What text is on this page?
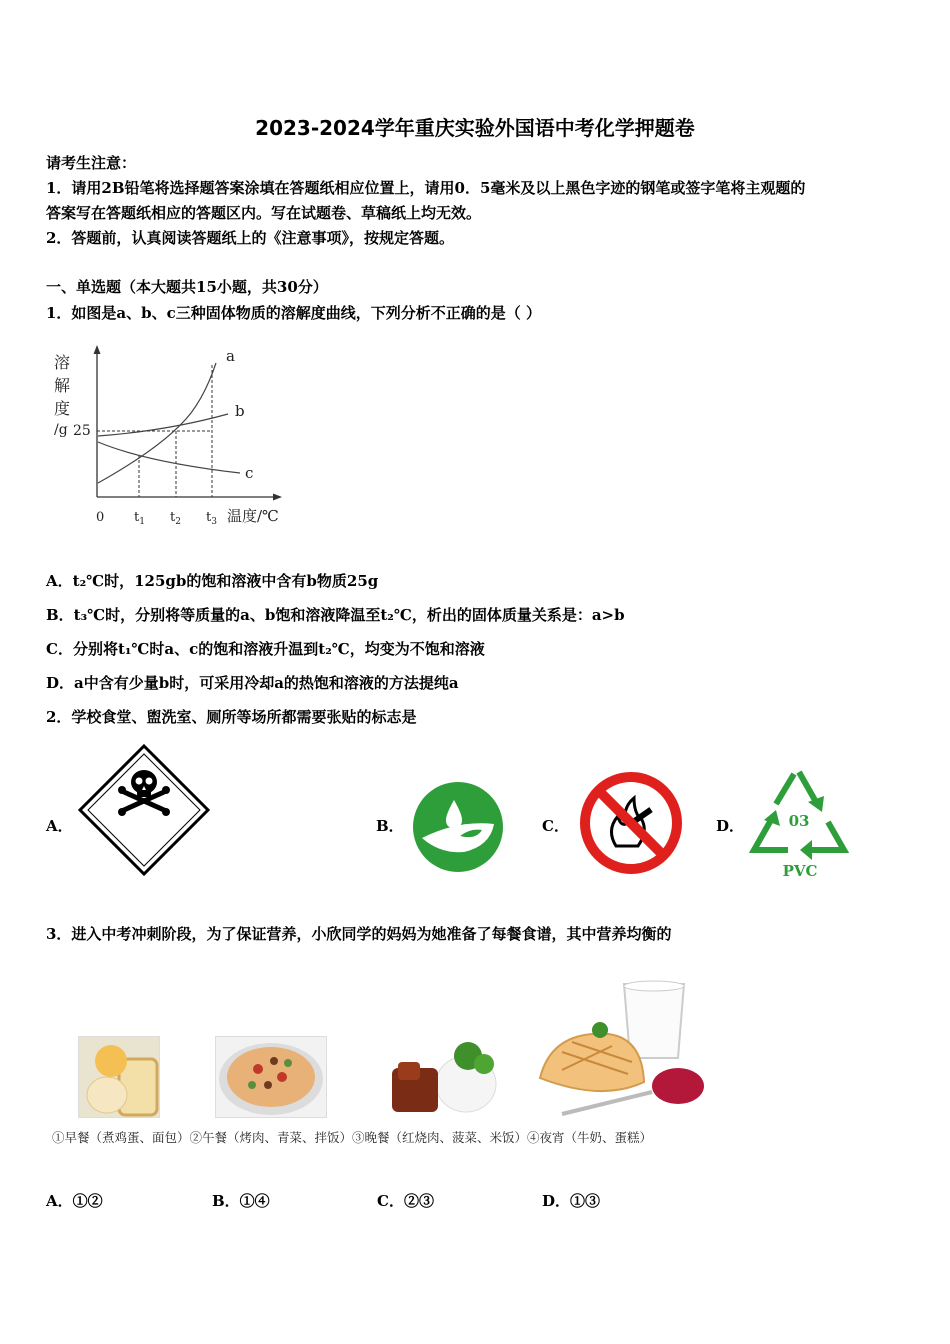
2023-2024学年重庆实验外国语中考化学押题卷
请考生注意：
1．请用2B铅笔将选择题答案涂填在答题纸相应位置上，请用0．5毫米及以上黑色字迹的钢笔或签字笔将主观题的
答案写在答题纸相应的答题区内。写在试题卷、草稿纸上均无效。
2．答题前，认真阅读答题纸上的《注意事项》，按规定答题。
一、单选题（本大题共15小题，共30分）
1．如图是a、b、c三种固体物质的溶解度曲线，下列分析不正确的是（ ）
溶
解
度
/g 25
a
b
c
0 $t_1$ $t_2$ $t_3$ 温度/℃
A．t₂℃时，125gb的饱和溶液中含有b物质25g
B．t₃℃时，分别将等质量的a、b饱和溶液降温至t₂℃，析出的固体质量关系是：a>b
C．分别将t₁℃时a、c的饱和溶液升温到t₂℃，均变为不饱和溶液
D．a中含有少量b时，可采用冷却a的热饱和溶液的方法提纯a
2．学校食堂、盥洗室、厕所等场所都需要张贴的标志是
A．	B．	C．	D．	03
PVC
3．进入中考冲刺阶段，为了保证营养，小欣同学的妈妈为她准备了每餐食谱，其中营养均衡的
①早餐（煮鸡蛋、面包）②午餐（烤肉、青菜、拌饭）③晚餐（红烧肉、菠菜、米饭）④夜宵（牛奶、蛋糕）
A．①②	B．①④	C．②③	D．①③
